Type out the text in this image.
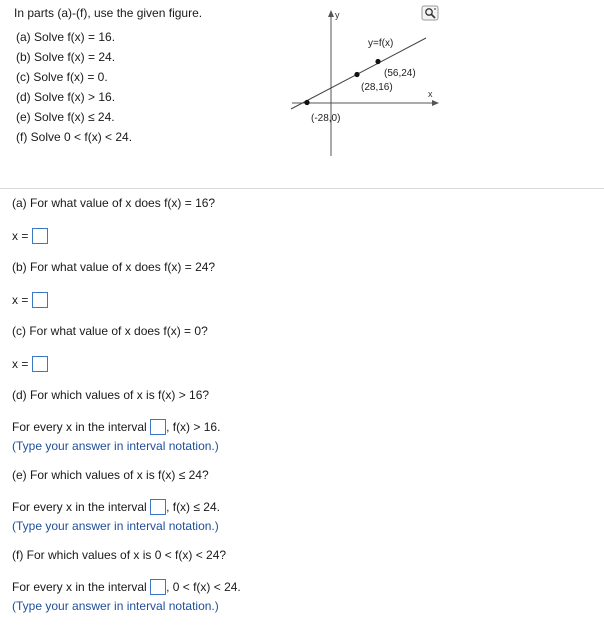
In parts (a)-(f), use the given figure.
(a) Solve f(x) = 16.
(b) Solve f(x) = 24.
(c) Solve f(x) = 0.
(d) Solve f(x) > 16.
(e) Solve f(x) ≤ 24.
(f) Solve 0 < f(x) < 24.
y
x
y=f(x)
(56,24)
(28,16)
(-28,0)
(a) For what value of x does f(x) = 16?
x =
(b) For what value of x does f(x) = 24?
x =
(c) For what value of x does f(x) = 0?
x =
(d) For which values of x is f(x) > 16?
For every x in the interval , f(x) > 16.
(Type your answer in interval notation.)
(e) For which values of x is f(x) ≤ 24?
For every x in the interval , f(x) ≤ 24.
(Type your answer in interval notation.)
(f) For which values of x is 0 < f(x) < 24?
For every x in the interval , 0 < f(x) < 24.
(Type your answer in interval notation.)
